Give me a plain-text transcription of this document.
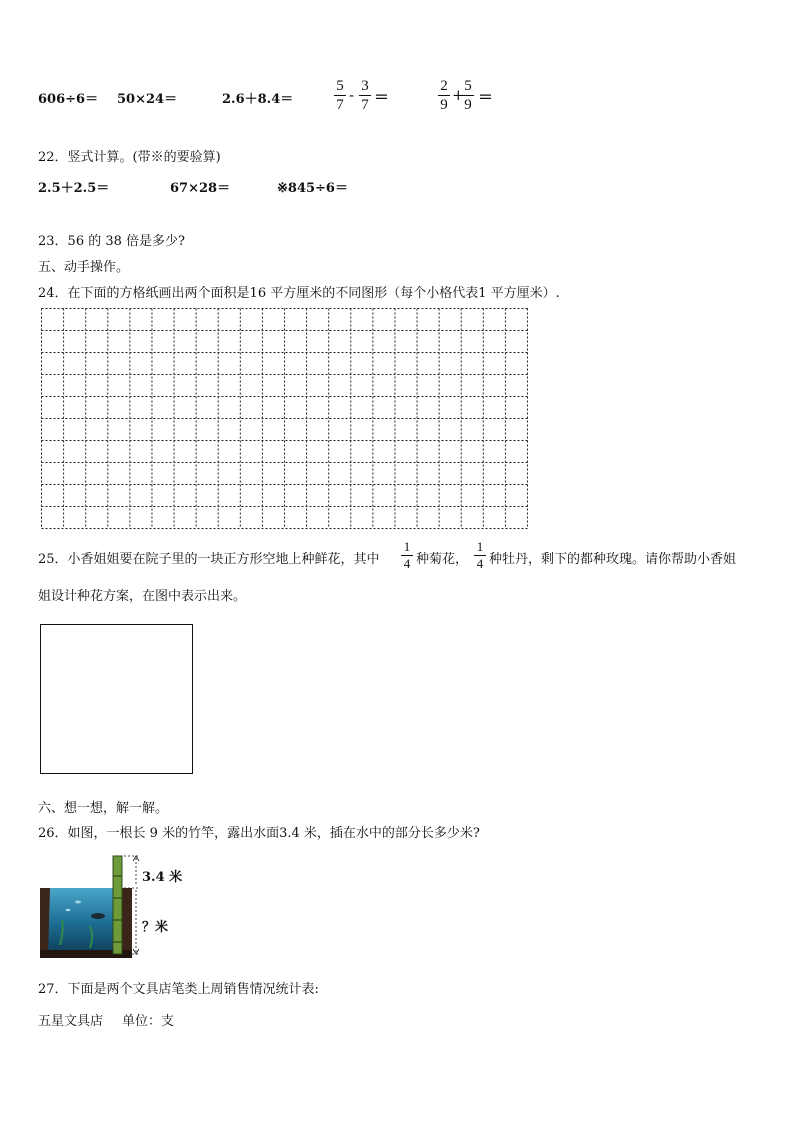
606÷6＝ 50×24＝	2.6＋8.4＝
5
7
- 3
7 ＝
2
9
+ 5
9 ＝
22．竖式计算。(带※的要验算)
2.5＋2.5＝	67×28＝	※845÷6＝
23．56 的 38 倍是多少?
五、动手操作。
24．在下面的方格纸画出两个面积是16 平方厘米的不同图形（每个小格代表1 平方厘米）.
25．小香姐姐要在院子里的一块正方形空地上种鲜花，其中
1
4 种菊花，
1
4 种牡丹，剩下的都种玫瑰。请你帮助小香姐
姐设计种花方案，在图中表示出来。
六、想一想，解一解。
26．如图，一根长 9 米的竹竿，露出水面3.4 米，插在水中的部分长多少米?
3.4 米
？米
27．下面是两个文具店笔类上周销售情况统计表:
五星文具店 单位：支
